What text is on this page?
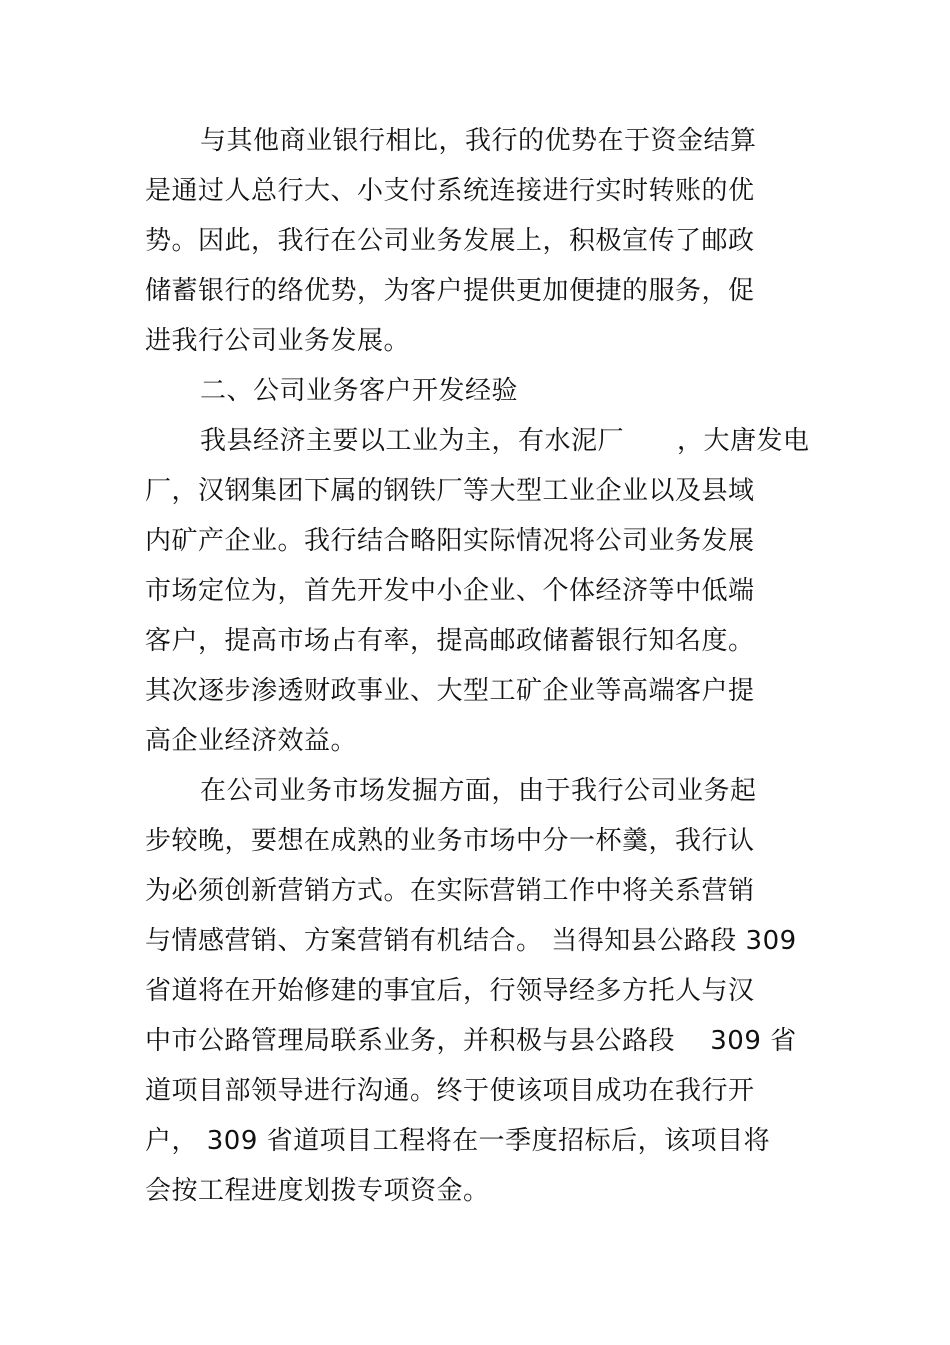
与其他商业银行相比，我行的优势在于资金结算
是通过人总行大、小支付系统连接进行实时转账的优
势。因此，我行在公司业务发展上，积极宣传了邮政
储蓄银行的络优势，为客户提供更加便捷的服务，促
进我行公司业务发展。
二、公司业务客户开发经验
我县经济主要以工业为主，有水泥厂　　，大唐发电
厂，汉钢集团下属的钢铁厂等大型工业企业以及县域
内矿产企业。我行结合略阳实际情况将公司业务发展
市场定位为，首先开发中小企业、个体经济等中低端
客户，提高市场占有率，提高邮政储蓄银行知名度。
其次逐步渗透财政事业、大型工矿企业等高端客户提
高企业经济效益。
在公司业务市场发掘方面，由于我行公司业务起
步较晚，要想在成熟的业务市场中分一杯羹，我行认
为必须创新营销方式。在实际营销工作中将关系营销
与情感营销、方案营销有机结合。 当得知县公路段 309
省道将在开始修建的事宜后，行领导经多方托人与汉
中市公路管理局联系业务，并积极与县公路段　 309 省
道项目部领导进行沟通。终于使该项目成功在我行开
户， 309 省道项目工程将在一季度招标后，该项目将
会按工程进度划拨专项资金。
